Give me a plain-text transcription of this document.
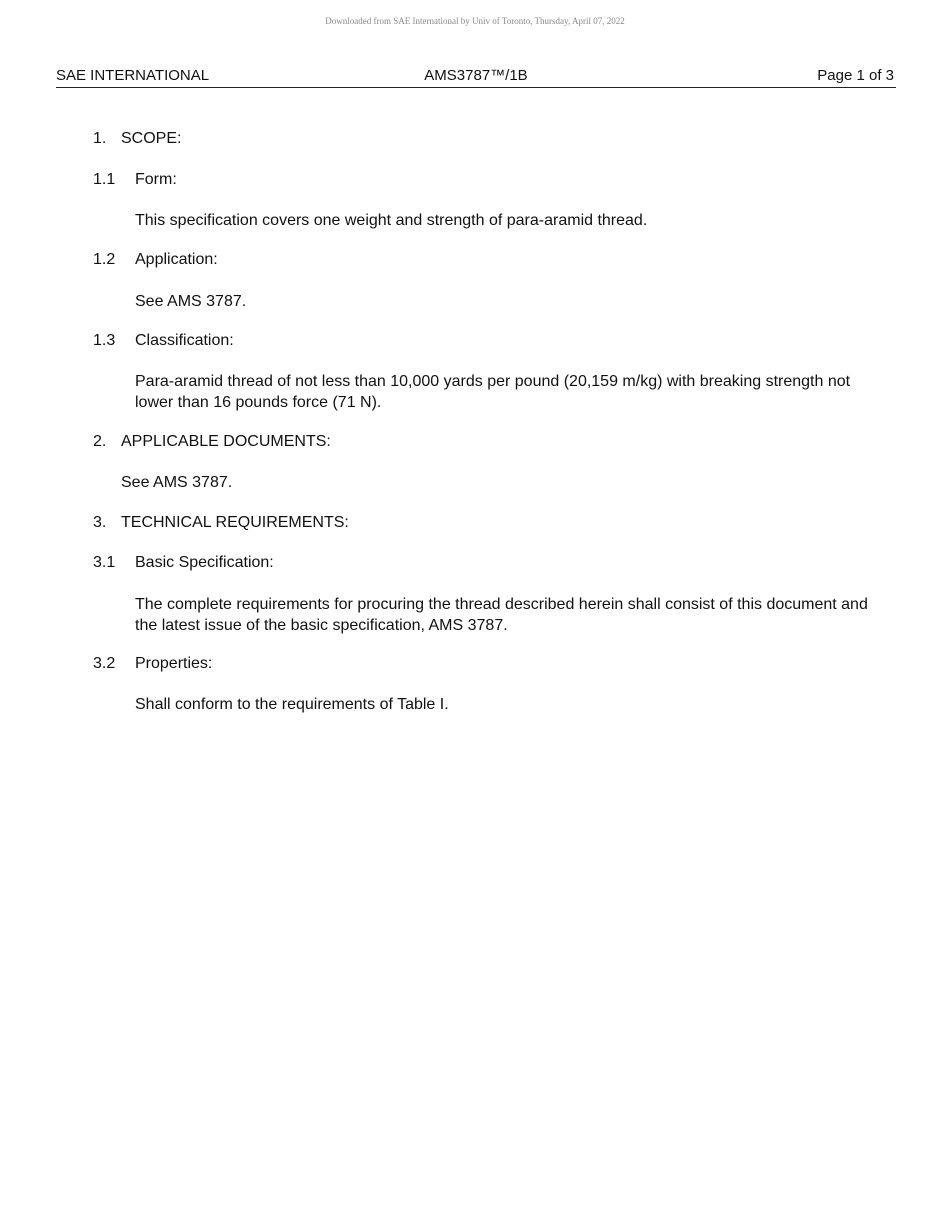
Downloaded from SAE International by Univ of Toronto, Thursday, April 07, 2022
SAE INTERNATIONAL	AMS3787™/1B	Page 1 of 3
1. SCOPE:
1.1 Form:
This specification covers one weight and strength of para-aramid thread.
1.2 Application:
See AMS 3787.
1.3 Classification:
Para-aramid thread of not less than 10,000 yards per pound (20,159 m/kg) with breaking strength not lower than 16 pounds force (71 N).
2. APPLICABLE DOCUMENTS:
See AMS 3787.
3. TECHNICAL REQUIREMENTS:
3.1 Basic Specification:
The complete requirements for procuring the thread described herein shall consist of this document and the latest issue of the basic specification, AMS 3787.
3.2 Properties:
Shall conform to the requirements of Table I.
